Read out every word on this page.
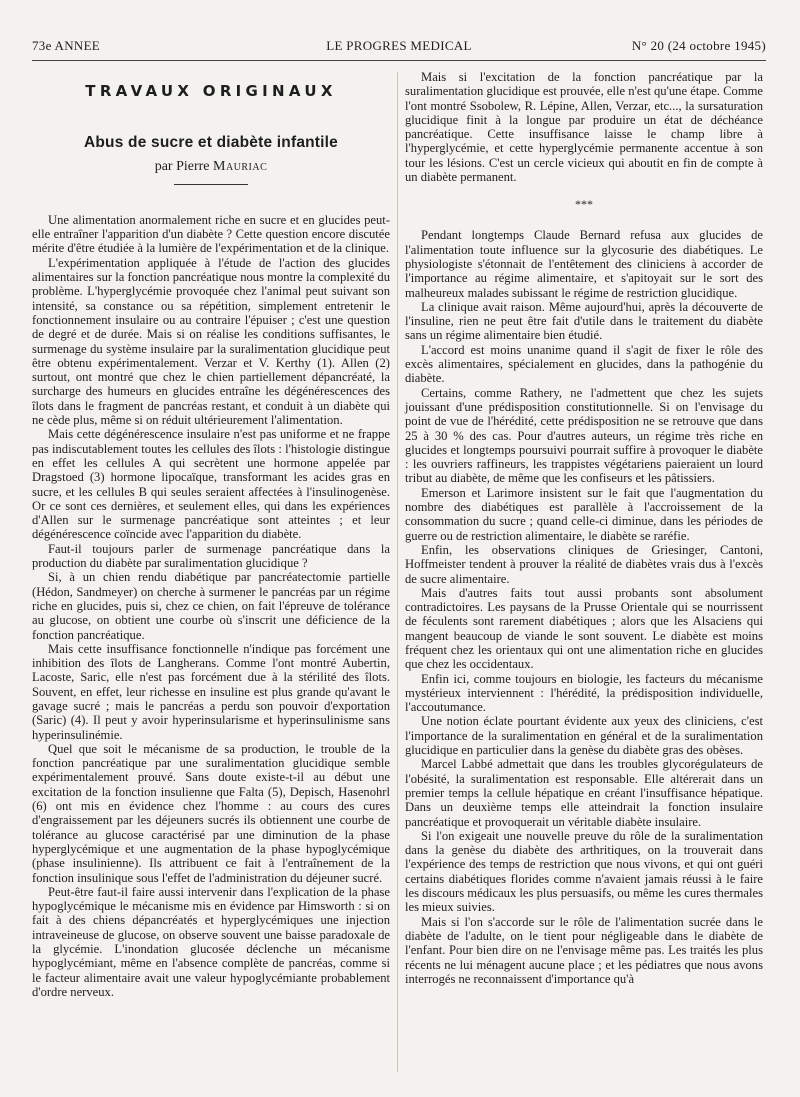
73e ANNEE	LE PROGRES MEDICAL	N° 20 (24 octobre 1945)
TRAVAUX ORIGINAUX
Abus de sucre et diabète infantile
par Pierre Mauriac

Une alimentation anormalement riche en sucre et en glucides peut-elle entraîner l'apparition d'un diabète ? Cette question encore discutée mérite d'être étudiée à la lumière de l'expérimentation et de la clinique.

L'expérimentation appliquée à l'étude de l'action des glucides alimentaires sur la fonction pancréatique nous montre la complexité du problème. L'hyperglycémie provoquée chez l'animal peut suivant son intensité, sa constance ou sa répétition, simplement entretenir le fonctionnement insulaire ou au contraire l'épuiser ; c'est une question de degré et de durée. Mais si on réalise les conditions suffisantes, le surmenage du système insulaire par la suralimentation glucidique peut être obtenu expérimentalement. Verzar et V. Kerthy (1). Allen (2) surtout, ont montré que chez le chien partiellement dépancréaté, la surcharge des humeurs en glucides entraîne les dégénérescences des îlots dans le fragment de pancréas restant, et conduit à un diabète qui ne cède plus, même si on réduit ultérieurement l'alimentation.

Mais cette dégénérescence insulaire n'est pas uniforme et ne frappe pas indiscutablement toutes les cellules des îlots : l'histologie distingue en effet les cellules A qui secrètent une hormone appelée par Dragstoed (3) hormone lipocaïque, transformant les acides gras en sucre, et les cellules B qui seules seraient affectées à l'insulinogenèse. Or ce sont ces dernières, et seulement elles, qui dans les expériences d'Allen sur le surmenage pancréatique sont atteintes ; et leur dégénérescence coïncide avec l'apparition du diabète.

Faut-il toujours parler de surmenage pancréatique dans la production du diabète par suralimentation glucidique ?

Si, à un chien rendu diabétique par pancréatectomie partielle (Hédon, Sandmeyer) on cherche à surmener le pancréas par un régime riche en glucides, puis si, chez ce chien, on fait l'épreuve de tolérance au glucose, on obtient une courbe où s'inscrit une déficience de la fonction pancréatique.

Mais cette insuffisance fonctionnelle n'indique pas forcément une inhibition des îlots de Langherans. Comme l'ont montré Aubertin, Lacoste, Saric, elle n'est pas forcément due à la stérilité des îlots. Souvent, en effet, leur richesse en insuline est plus grande qu'avant le gavage sucré ; mais le pancréas a perdu son pouvoir d'exportation (Saric) (4). Il peut y avoir hyperinsularisme et hyperinsulinisme sans hyperinsulinémie.

Quel que soit le mécanisme de sa production, le trouble de la fonction pancréatique par une suralimentation glucidique semble expérimentalement prouvé. Sans doute existe-t-il au début une excitation de la fonction insulienne que Falta (5), Depisch, Hasenohrl (6) ont mis en évidence chez l'homme : au cours des cures d'engraissement par les déjeuners sucrés ils obtiennent une courbe de tolérance au glucose caractérisé par une diminution de la phase hyperglycémique et une augmentation de la phase hypoglycémique (phase insulinienne). Ils attribuent ce fait à l'entraînement de la fonction insulinique sous l'effet de l'administration du déjeuner sucré.

Peut-être faut-il faire aussi intervenir dans l'explication de la phase hypoglycémique le mécanisme mis en évidence par Himsworth : si on fait à des chiens dépancréatés et hyperglycémiques une injection intraveineuse de glucose, on observe souvent une baisse paradoxale de la glycémie. L'inondation glucosée déclenche un mécanisme hypoglycémiant, même en l'absence complète de pancréas, comme si le facteur alimentaire avait une valeur hypoglycémiante probablement d'ordre nerveux.

Mais si l'excitation de la fonction pancréatique par la suralimentation glucidique est prouvée, elle n'est qu'une étape. Comme l'ont montré Ssobolew, R. Lépine, Allen, Verzar, etc..., la sursaturation glucidique finit à la longue par produire un état de déchéance pancréatique. Cette insuffisance laisse le champ libre à l'hyperglycémie, et cette hyperglycémie permanente accentue à son tour les lésions. C'est un cercle vicieux qui aboutit en fin de compte à un diabète permanent.

***

Pendant longtemps Claude Bernard refusa aux glucides de l'alimentation toute influence sur la glycosurie des diabétiques. Le physiologiste s'étonnait de l'entêtement des cliniciens à accorder de l'importance au régime alimentaire, et s'apitoyait sur le sort des malheureux malades subissant le régime de restriction glucidique.

La clinique avait raison. Même aujourd'hui, après la découverte de l'insuline, rien ne peut être fait d'utile dans le traitement du diabète sans un régime alimentaire bien étudié.

L'accord est moins unanime quand il s'agit de fixer le rôle des excès alimentaires, spécialement en glucides, dans la pathogénie du diabète.

Certains, comme Rathery, ne l'admettent que chez les sujets jouissant d'une prédisposition constitutionnelle. Si on l'envisage du point de vue de l'hérédité, cette prédisposition ne se retrouve que dans 25 à 30 % des cas. Pour d'autres auteurs, un régime très riche en glucides et longtemps poursuivi pourrait suffire à provoquer le diabète : les ouvriers raffineurs, les trappistes végétariens paieraient un lourd tribut au diabète, de même que les confiseurs et les pâtissiers.

Emerson et Larimore insistent sur le fait que l'augmentation du nombre des diabétiques est parallèle à l'accroissement de la consommation du sucre ; quand celle-ci diminue, dans les périodes de guerre ou de restriction alimentaire, le diabète se raréfie.

Enfin, les observations cliniques de Griesinger, Cantoni, Hoffmeister tendent à prouver la réalité de diabètes vrais dus à l'excès de sucre alimentaire.

Mais d'autres faits tout aussi probants sont absolument contradictoires. Les paysans de la Prusse Orientale qui se nourrissent de féculents sont rarement diabétiques ; alors que les Alsaciens qui mangent beaucoup de viande le sont souvent. Le diabète est moins fréquent chez les orientaux qui ont une alimentation riche en glucides que chez les occidentaux.

Enfin ici, comme toujours en biologie, les facteurs du mécanisme mystérieux interviennent : l'hérédité, la prédisposition individuelle, l'accoutumance.

Une notion éclate pourtant évidente aux yeux des cliniciens, c'est l'importance de la suralimentation en général et de la suralimentation glucidique en particulier dans la genèse du diabète gras des obèses.

Marcel Labbé admettait que dans les troubles glycorégulateurs de l'obésité, la suralimentation est responsable. Elle altérerait dans un premier temps la cellule hépatique en créant l'insuffisance hépatique. Dans un deuxième temps elle atteindrait la fonction insulaire pancréatique et provoquerait un véritable diabète insulaire.

Si l'on exigeait une nouvelle preuve du rôle de la suralimentation dans la genèse du diabète des arthritiques, on la trouverait dans l'expérience des temps de restriction que nous vivons, et qui ont guéri certains diabétiques florides comme n'avaient jamais réussi à le faire les discours médicaux les plus persuasifs, ou même les cures thermales les mieux suivies.

Mais si l'on s'accorde sur le rôle de l'alimentation sucrée dans le diabète de l'adulte, on le tient pour négligeable dans le diabète de l'enfant. Pour bien dire on ne l'envisage même pas. Les traités les plus récents ne lui ménagent aucune place ; et les pédiatres que nous avons interrogés ne reconnaissent d'importance qu'à
